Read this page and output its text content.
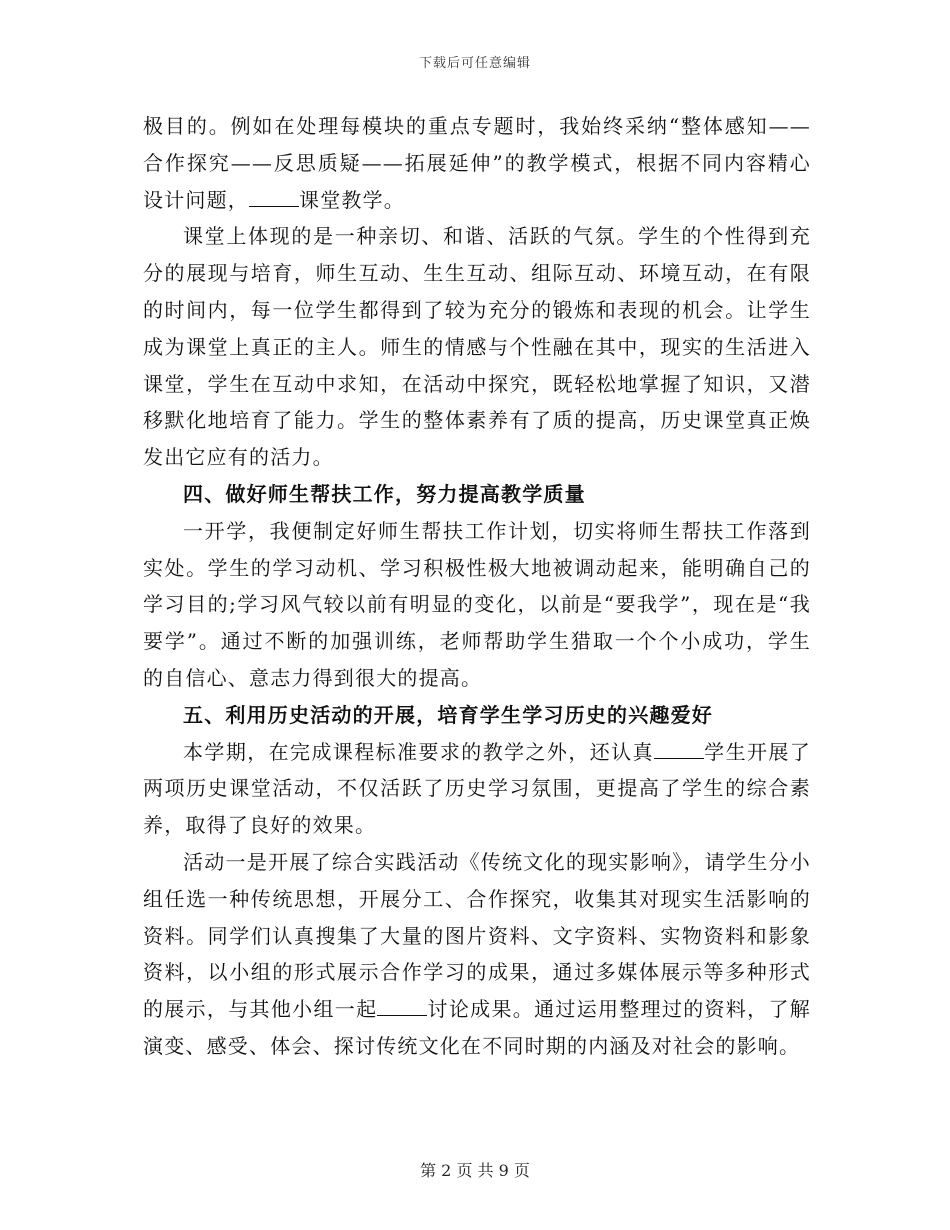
下载后可任意编辑

极目的。例如在处理每模块的重点专题时，我始终采纳“整体感知——合作探究——反思质疑——拓展延伸”的教学模式，根据不同内容精心设计问题，	课堂教学。

课堂上体现的是一种亲切、和谐、活跃的气氛。学生的个性得到充分的展现与培育，师生互动、生生互动、组际互动、环境互动，在有限的时间内，每一位学生都得到了较为充分的锻炼和表现的机会。让学生成为课堂上真正的主人。师生的情感与个性融在其中，现实的生活进入课堂，学生在互动中求知，在活动中探究，既轻松地掌握了知识，又潜移默化地培育了能力。学生的整体素养有了质的提高，历史课堂真正焕发出它应有的活力。

四、做好师生帮扶工作，努力提高教学质量

一开学，我便制定好师生帮扶工作计划，切实将师生帮扶工作落到实处。学生的学习动机、学习积极性极大地被调动起来，能明确自己的学习目的;学习风气较以前有明显的变化，以前是“要我学”，现在是“我要学”。通过不断的加强训练，老师帮助学生猎取一个个小成功，学生的自信心、意志力得到很大的提高。

五、利用历史活动的开展，培育学生学习历史的兴趣爱好

本学期，在完成课程标准要求的教学之外，还认真	学生开展了两项历史课堂活动，不仅活跃了历史学习氛围，更提高了学生的综合素养，取得了良好的效果。

活动一是开展了综合实践活动《传统文化的现实影响》，请学生分小组任选一种传统思想，开展分工、合作探究，收集其对现实生活影响的资料。同学们认真搜集了大量的图片资料、文字资料、实物资料和影象资料，以小组的形式展示合作学习的成果，通过多媒体展示等多种形式的展示，与其他小组一起	讨论成果。通过运用整理过的资料，了解演变、感受、体会、探讨传统文化在不同时期的内涵及对社会的影响。

第 2 页 共 9 页
